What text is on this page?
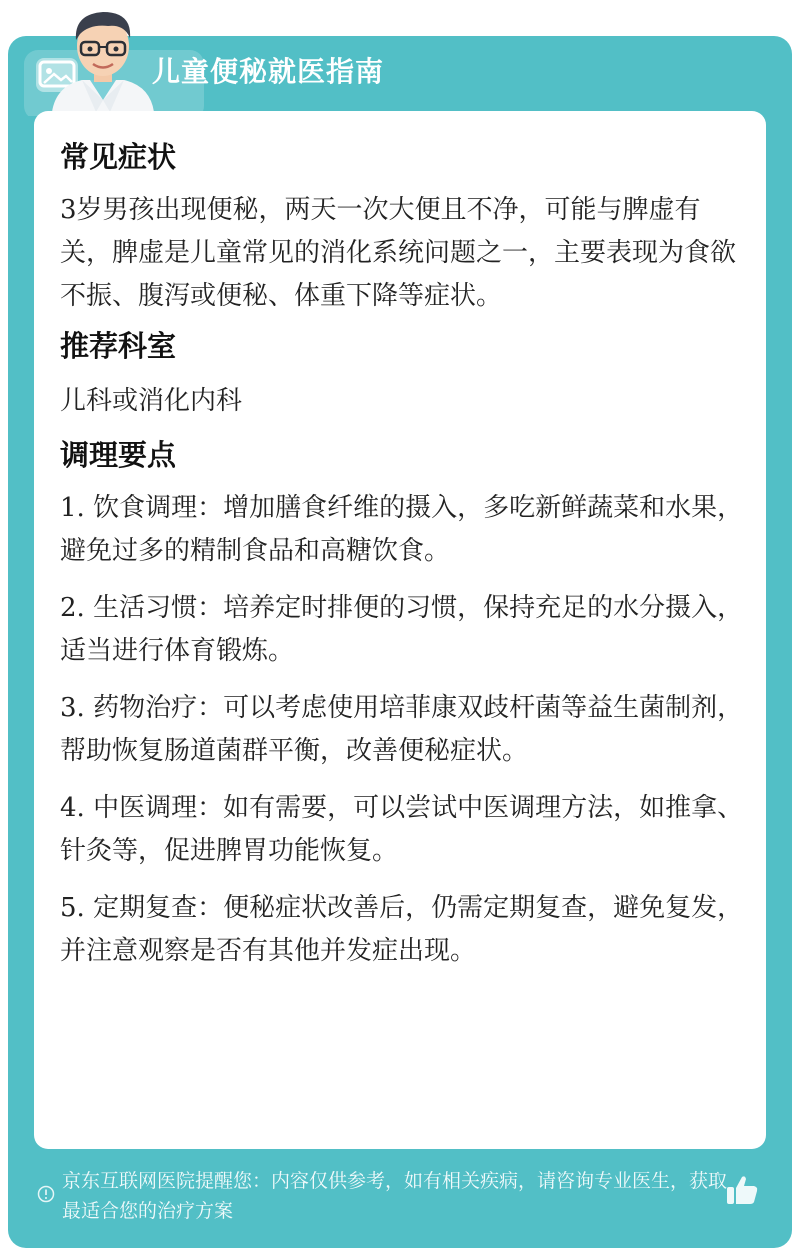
儿童便秘就医指南
常见症状

3岁男孩出现便秘，两天一次大便且不净，可能与脾虚有关，脾虚是儿童常见的消化系统问题之一，主要表现为食欲不振、腹泻或便秘、体重下降等症状。

推荐科室

儿科或消化内科

调理要点

1. 饮食调理：增加膳食纤维的摄入，多吃新鲜蔬菜和水果，避免过多的精制食品和高糖饮食。

2. 生活习惯：培养定时排便的习惯，保持充足的水分摄入，适当进行体育锻炼。

3. 药物治疗：可以考虑使用培菲康双歧杆菌等益生菌制剂，帮助恢复肠道菌群平衡，改善便秘症状。

4. 中医调理：如有需要，可以尝试中医调理方法，如推拿、针灸等，促进脾胃功能恢复。

5. 定期复查：便秘症状改善后，仍需定期复查，避免复发，并注意观察是否有其他并发症出现。

京东互联网医院提醒您：内容仅供参考，如有相关疾病，请咨询专业医生，获取最适合您的治疗方案
